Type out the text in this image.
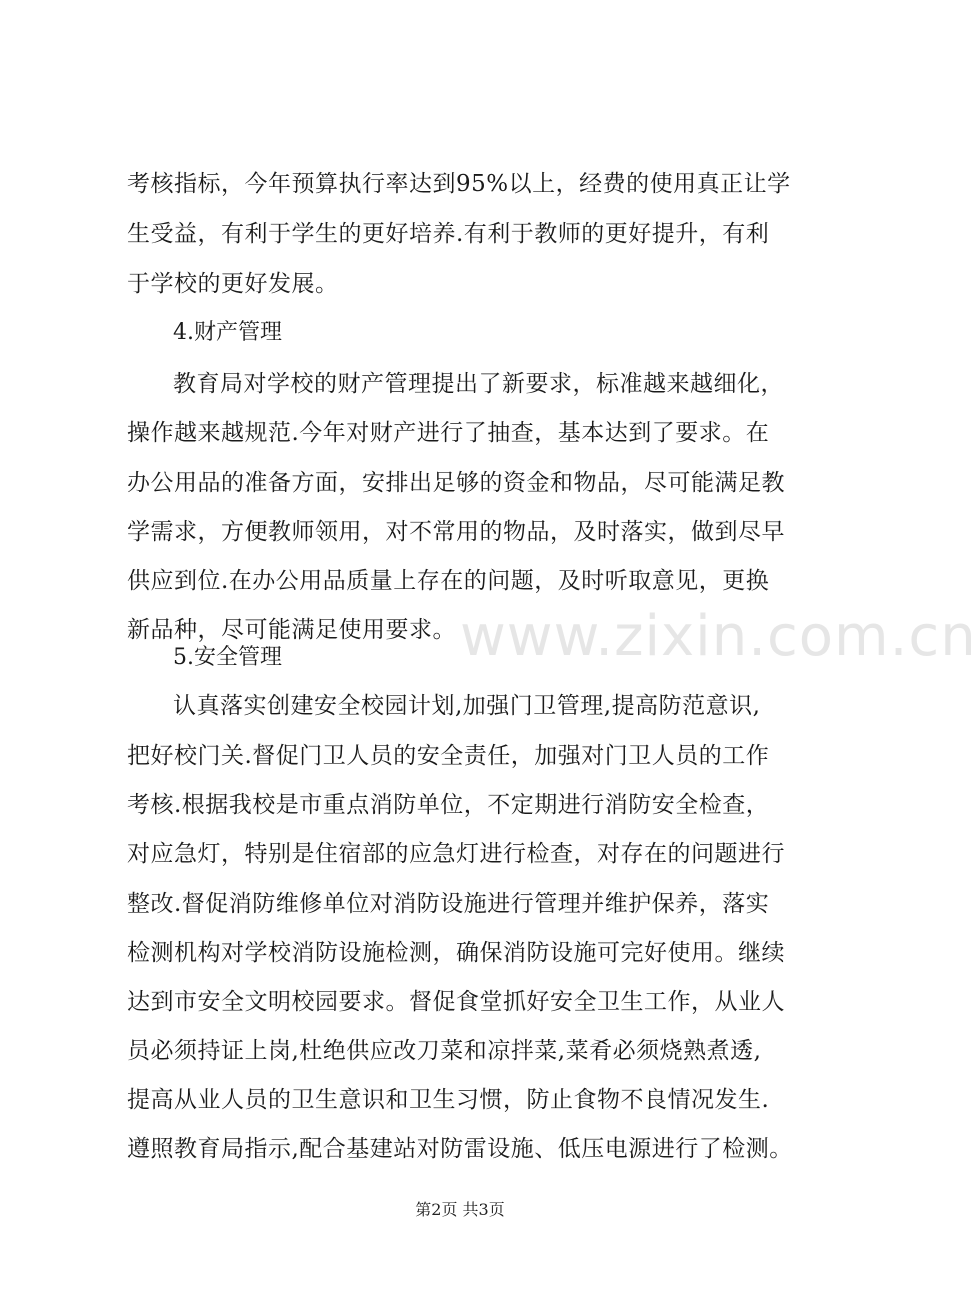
考核指标，今年预算执行率达到95%以上，经费的使用真正让学
生受益，有利于学生的更好培养.有利于教师的更好提升，有利
于学校的更好发展。
4.财产管理
教育局对学校的财产管理提出了新要求，标准越来越细化，
操作越来越规范.今年对财产进行了抽查，基本达到了要求。在
办公用品的准备方面，安排出足够的资金和物品，尽可能满足教
学需求，方便教师领用，对不常用的物品，及时落实，做到尽早
供应到位.在办公用品质量上存在的问题，及时听取意见，更换
新品种，尽可能满足使用要求。 www.zixin.com.cn
5.安全管理
认真落实创建安全校园计划,加强门卫管理,提高防范意识,
把好校门关.督促门卫人员的安全责任，加强对门卫人员的工作
考核.根据我校是市重点消防单位，不定期进行消防安全检查，
对应急灯，特别是住宿部的应急灯进行检查，对存在的问题进行
整改.督促消防维修单位对消防设施进行管理并维护保养，落实
检测机构对学校消防设施检测，确保消防设施可完好使用。继续
达到市安全文明校园要求。督促食堂抓好安全卫生工作，从业人
员必须持证上岗,杜绝供应改刀菜和凉拌菜,菜肴必须烧熟煮透,
提高从业人员的卫生意识和卫生习惯，防止食物不良情况发生.
遵照教育局指示,配合基建站对防雷设施、低压电源进行了检测。
第2页 共3页
